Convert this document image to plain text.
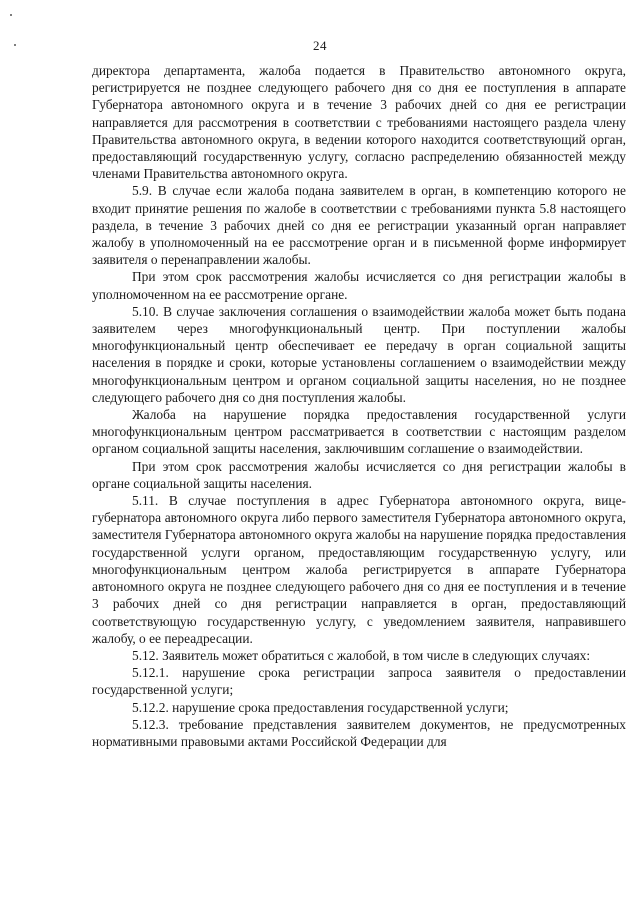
24

директора департамента, жалоба подается в Правительство автономного округа, регистрируется не позднее следующего рабочего дня со дня ее поступления в аппарате Губернатора автономного округа и в течение 3 рабочих дней со дня ее регистрации направляется для рассмотрения в соответствии с требованиями настоящего раздела члену Правительства автономного округа, в ведении которого находится соответствующий орган, предоставляющий государственную услугу, согласно распределению обязанностей между членами Правительства автономного округа.

5.9. В случае если жалоба подана заявителем в орган, в компетенцию которого не входит принятие решения по жалобе в соответствии с требованиями пункта 5.8 настоящего раздела, в течение 3 рабочих дней со дня ее регистрации указанный орган направляет жалобу в уполномоченный на ее рассмотрение орган и в письменной форме информирует заявителя о перенаправлении жалобы.

При этом срок рассмотрения жалобы исчисляется со дня регистрации жалобы в уполномоченном на ее рассмотрение органе.

5.10. В случае заключения соглашения о взаимодействии жалоба может быть подана заявителем через многофункциональный центр. При поступлении жалобы многофункциональный центр обеспечивает ее передачу в орган социальной защиты населения в порядке и сроки, которые установлены соглашением о взаимодействии между многофункциональным центром и органом социальной защиты населения, но не позднее следующего рабочего дня со дня поступления жалобы.

Жалоба на нарушение порядка предоставления государственной услуги многофункциональным центром рассматривается в соответствии с настоящим разделом органом социальной защиты населения, заключившим соглашение о взаимодействии.

При этом срок рассмотрения жалобы исчисляется со дня регистрации жалобы в органе социальной защиты населения.

5.11. В случае поступления в адрес Губернатора автономного округа, вице-губернатора автономного округа либо первого заместителя Губернатора автономного округа, заместителя Губернатора автономного округа жалобы на нарушение порядка предоставления государственной услуги органом, предоставляющим государственную услугу, или многофункциональным центром жалоба регистрируется в аппарате Губернатора автономного округа не позднее следующего рабочего дня со дня ее поступления и в течение 3 рабочих дней со дня регистрации направляется в орган, предоставляющий соответствующую государственную услугу, с уведомлением заявителя, направившего жалобу, о ее переадресации.

5.12. Заявитель может обратиться с жалобой, в том числе в следующих случаях:

5.12.1. нарушение срока регистрации запроса заявителя о предоставлении государственной услуги;

5.12.2. нарушение срока предоставления государственной услуги;

5.12.3. требование представления заявителем документов, не предусмотренных нормативными правовыми актами Российской Федерации для
